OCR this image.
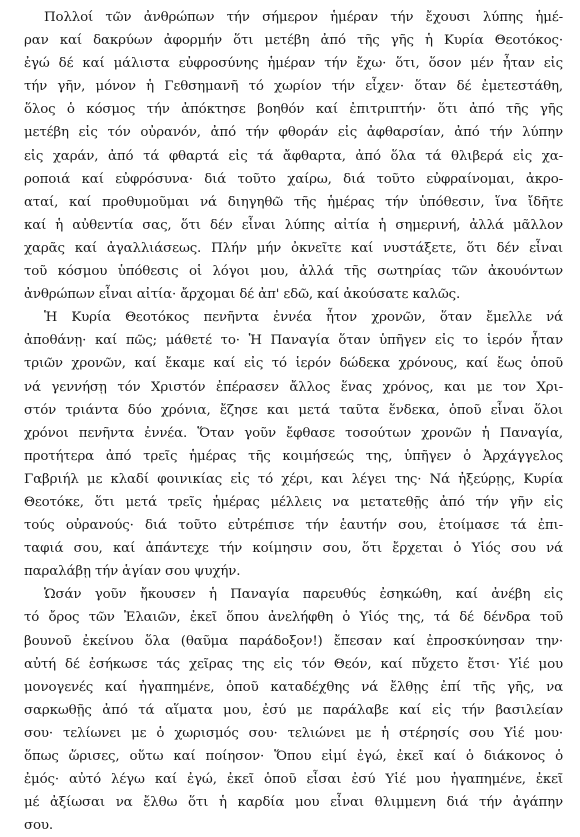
Πολλοί τῶν ἀνθρώπων τήν σήμερον ἡμέραν τήν ἔχουσι λύπης ἡμέ-
ραν καί δακρύων ἀφορμήν ὅτι μετέβη ἀπό τῆς γῆς ἡ Κυρία Θεοτόκος·
ἐγώ δέ καί μάλιστα εὐφροσύνης ἡμέραν τήν ἔχω· ὅτι, ὅσον μέν ἦταν εἰς
τήν γῆν, μόνον ἡ Γεθσημανῆ τό χωρίον τήν εἶχεν· ὅταν δέ ἐμετεστάθη,
ὅλος ὁ κόσμος τήν ἀπόκτησε βοηθόν καί ἐπιτριπτήν· ὅτι ἀπό τῆς γῆς
μετέβη εἰς τόν οὐρανόν, ἀπό τήν φθοράν εἰς ἀφθαρσίαν, ἀπό τήν λύπην
εἰς χαράν, ἀπό τά φθαρτά εἰς τά ἄφθαρτα, ἀπό ὅλα τά θλιβερά εἰς χα-
ροποιά καί εὐφρόσυνα· διά τοῦτο χαίρω, διά τοῦτο εὐφραίνομαι, ἀκρο-
αταί, καί προθυμοῦμαι νά διηγηθῶ τῆς ἡμέρας τήν ὑπόθεσιν, ἵνα ἴδῆτε
καί ἡ αὐθεντία σας, ὅτι δέν εἶναι λύπης αἰτία ἡ σημερινή, ἀλλά μᾶλλον
χαρᾶς καί ἀγαλλιάσεως. Πλήν μήν ὀκνεῖτε καί νυστάξετε, ὅτι δέν εἶναι
τοῦ κόσμου ὑπόθεσις οἱ λόγοι μου, ἀλλά τῆς σωτηρίας τῶν ἀκουόντων
ἀνθρώπων εἶναι αἰτία· ἄρχομαι δέ ἀπ' εδῶ, καί ἀκούσατε καλῶς.
Ἡ Κυρία Θεοτόκος πενῆντα ἐννέα ἦτον χρονῶν, ὅταν ἔμελλε νά
ἀποθάνῃ· καί πῶς; μάθετέ το· Ἡ Παναγία ὅταν ὑπῆγεν εἰς το ἱερόν ἦταν
τριῶν χρονῶν, καί ἔκαμε καί εἰς τό ἱερόν δώδεκα χρόνους, καί ἕως ὁποῦ
νά γεννήσῃ τόν Χριστόν ἐπέρασεν ἄλλος ἕνας χρόνος, και με τον Χρι-
στόν τριάντα δύο χρόνια, ἔζησε και μετά ταῦτα ἕνδεκα, ὁποῦ εἶναι ὅλοι
χρόνοι πενῆντα ἐννέα. Ὅταν γοῦν ἔφθασε τοσούτων χρονῶν ἡ Παναγία,
προτήτερα ἀπό τρεῖς ἡμέρας τῆς κοιμήσεώς της, ὑπῆγεν ὁ Ἀρχάγγελος
Γαβριήλ με κλαδί φοινικίας εἰς τό χέρι, και λέγει της· Νά ἠξεύρῃς, Κυρία
Θεοτόκε, ὅτι μετά τρεῖς ἡμέρας μέλλεις να μετατεθῇς ἀπό τήν γῆν εἰς
τούς οὐρανούς· διά τοῦτο εὐτρέπισε τήν ἑαυτήν σου, ἑτοίμασε τά ἐπι-
ταφιά σου, καί ἀπάντεχε τήν κοίμησιν σου, ὅτι ἔρχεται ὁ Υἱός σου νά
παραλάβῃ τήν ἁγίαν σου ψυχήν.
Ὡσάν γοῦν ἤκουσεν ἡ Παναγία παρευθύς ἐσηκώθη, καί ἀνέβη εἰς
τό ὄρος τῶν Ἐλαιῶν, ἐκεῖ ὅπου ἀνελήφθη ὁ Υἱός της, τά δέ δένδρα τοῦ
βουνοῦ ἐκείνου ὅλα (θαῦμα παράδοξον!) ἔπεσαν καί ἐπροσκύνησαν την·
αὐτή δέ ἐσήκωσε τάς χεῖρας της εἰς τόν Θεόν, καί πὔχετο ἔτσι· Υἱέ μου
μονογενές καί ἠγαπημένε, ὁποῦ καταδέχθης νά ἔλθῃς ἐπί τῆς γῆς, να
σαρκωθῇς ἀπό τά αἵματα μου, ἐσύ με παράλαβε καί εἰς τήν βασιλείαν
σου· τελίωνει με ὁ χωρισμός σου· τελιώνει με ἡ στέρησίς σου Υἱέ μου·
ὅπως ὥρισες, οὕτω καί ποίησον· Ὅπου εἰμί ἐγώ, ἐκεῖ καί ὁ διάκονος ὁ
ἐμός· αὐτό λέγω καί ἐγώ, ἐκεῖ ὁποῦ εἶσαι ἐσύ Υἱέ μου ἠγαπημένε, ἐκεῖ
μέ ἀξίωσαι να ἔλθω ὅτι ἡ καρδία μου εἶναι θλιμμενη διά τήν ἀγάπην
σου.
